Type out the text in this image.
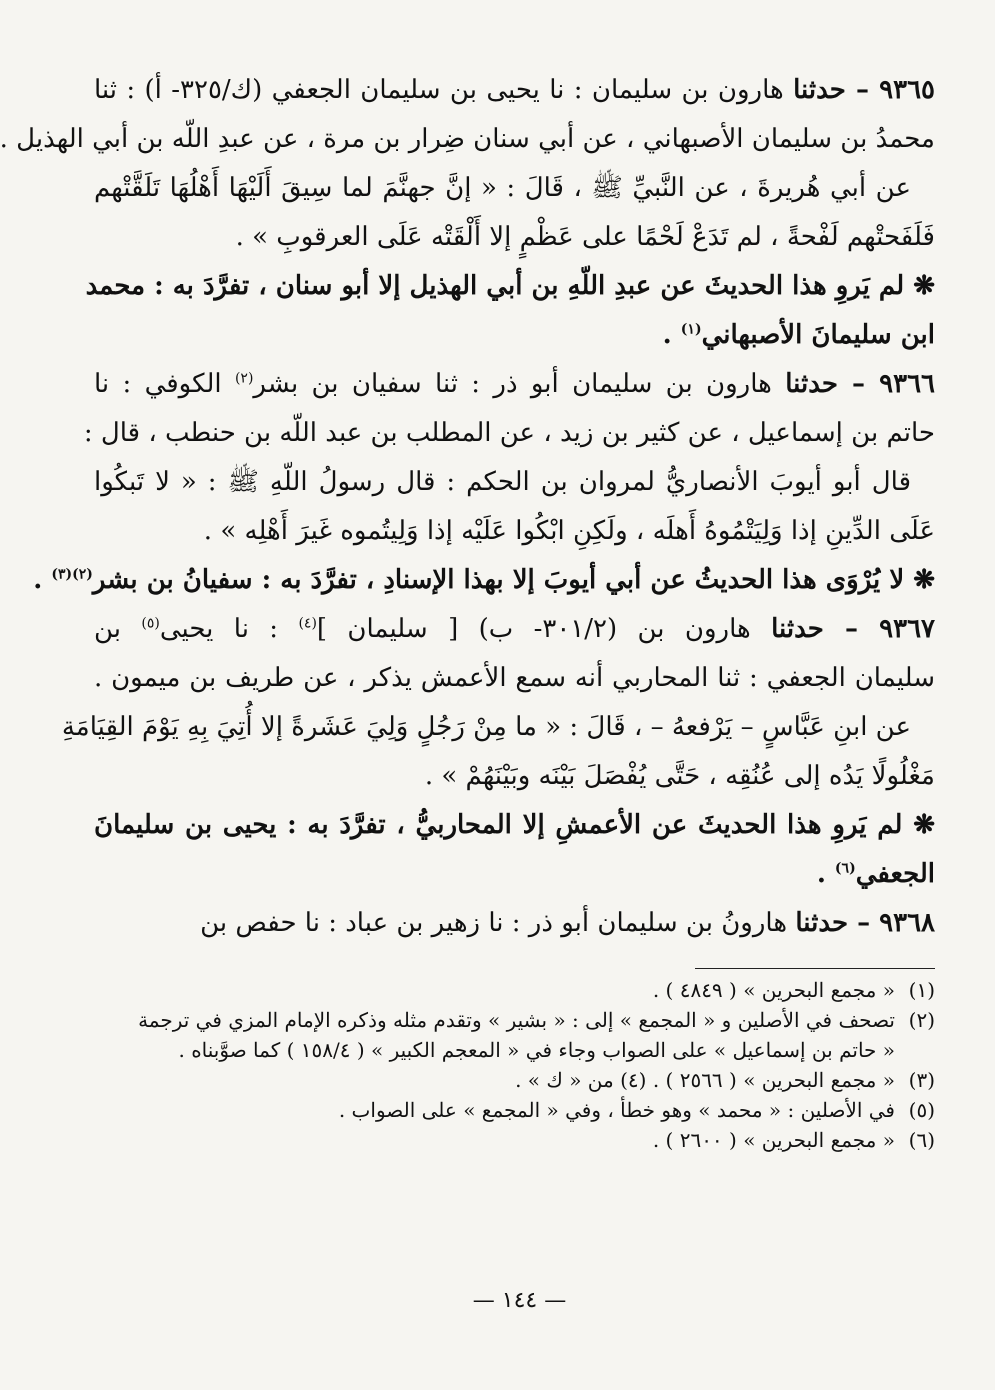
٩٣٦٥ – حدثنا هارون بن سليمان : نا يحيى بن سليمان الجعفي (ك/٣٢٥- أ) : ثنا
محمدُ بن سليمان الأصبهاني ، عن أبي سنان ضِرار بن مرة ، عن عبدِ اللّه بن أبي الهذيل .
عن أبي هُريرةَ ، عن النَّبيِّ ﷺ ، قَالَ : « إنَّ جهنَّمَ لما سِيقَ أَلَيْهَا أَهْلُهَا تَلَقَّتْهم
فَلَفَحتْهم لَفْحةً ، لم تَدَعْ لَحْمًا على عَظْمٍ إلا أَلْقَتْه عَلَى العرقوبِ » .
❋ لم يَروِ هذا الحديثَ عن عبدِ اللّهِ بن أبي الهذيل إلا أبو سنان ، تفرَّدَ به : محمد
ابن سليمانَ الأصبهاني$^{(١)}$ .
٩٣٦٦ – حدثنا هارون بن سليمان أبو ذر : ثنا سفيان بن بشر$^{(٢)}$ الكوفي : نا
حاتم بن إسماعيل ، عن كثير بن زيد ، عن المطلب بن عبد اللّه بن حنطب ، قال :
قال أبو أيوبَ الأنصاريُّ لمروان بن الحكم : قال رسولُ اللّهِ ﷺ : « لا تَبكُوا
عَلَى الدِّينِ إذا وَلِيَتْمُوهُ أَهلَه ، ولَكِنِ ابْكُوا عَلَيْه إذا وَلِيتُموه غَيرَ أَهْلِه » .
❋ لا يُرْوَى هذا الحديثُ عن أبي أيوبَ إلا بهذا الإسنادِ ، تفرَّدَ به : سفيانُ بن بشر$^{(٢)(٣)}$ .
٩٣٦٧ – حدثنا هارون بن (٣٠١/٢- ب) [ سليمان ]$^{(٤)}$ : نا يحيى$^{(٥)}$ بن
سليمان الجعفي : ثنا المحاربي أنه سمع الأعمش يذكر ، عن طريف بن ميمون .
عن ابنِ عَبَّاسٍ – يَرْفعهُ – ، قَالَ : « ما مِنْ رَجُلٍ وَلِيَ عَشَرةً إلا أُتِيَ بِهِ يَوْمَ القِيَامَةِ
مَغْلُولًا يَدُه إلى عُنُقِه ، حَتَّى يُفْصَلَ بَيْنَه وبَيْنَهُمْ » .
❋ لم يَروِ هذا الحديثَ عن الأعمشِ إلا المحاربيُّ ، تفرَّدَ به : يحيى بن سليمانَ
الجعفي$^{(٦)}$ .
٩٣٦٨ – حدثنا هارونُ بن سليمان أبو ذر : نا زهير بن عباد : نا حفص بن
(١)« مجمع البحرين » ( ٤٨٤٩ ) .
(٢)تصحف في الأصلين و « المجمع » إلى : « بشير » وتقدم مثله وذكره الإمام المزي في ترجمة
« حاتم بن إسماعيل » على الصواب وجاء في « المعجم الكبير » ( ١٥٨/٤ ) كما صوَّبناه .
(٣)« مجمع البحرين » ( ٢٥٦٦ ) . (٤) من « ك » .
(٥)في الأصلين : « محمد » وهو خطأ ، وفي « المجمع » على الصواب .
(٦)« مجمع البحرين » ( ٢٦٠٠ ) .
— ١٤٤ —
